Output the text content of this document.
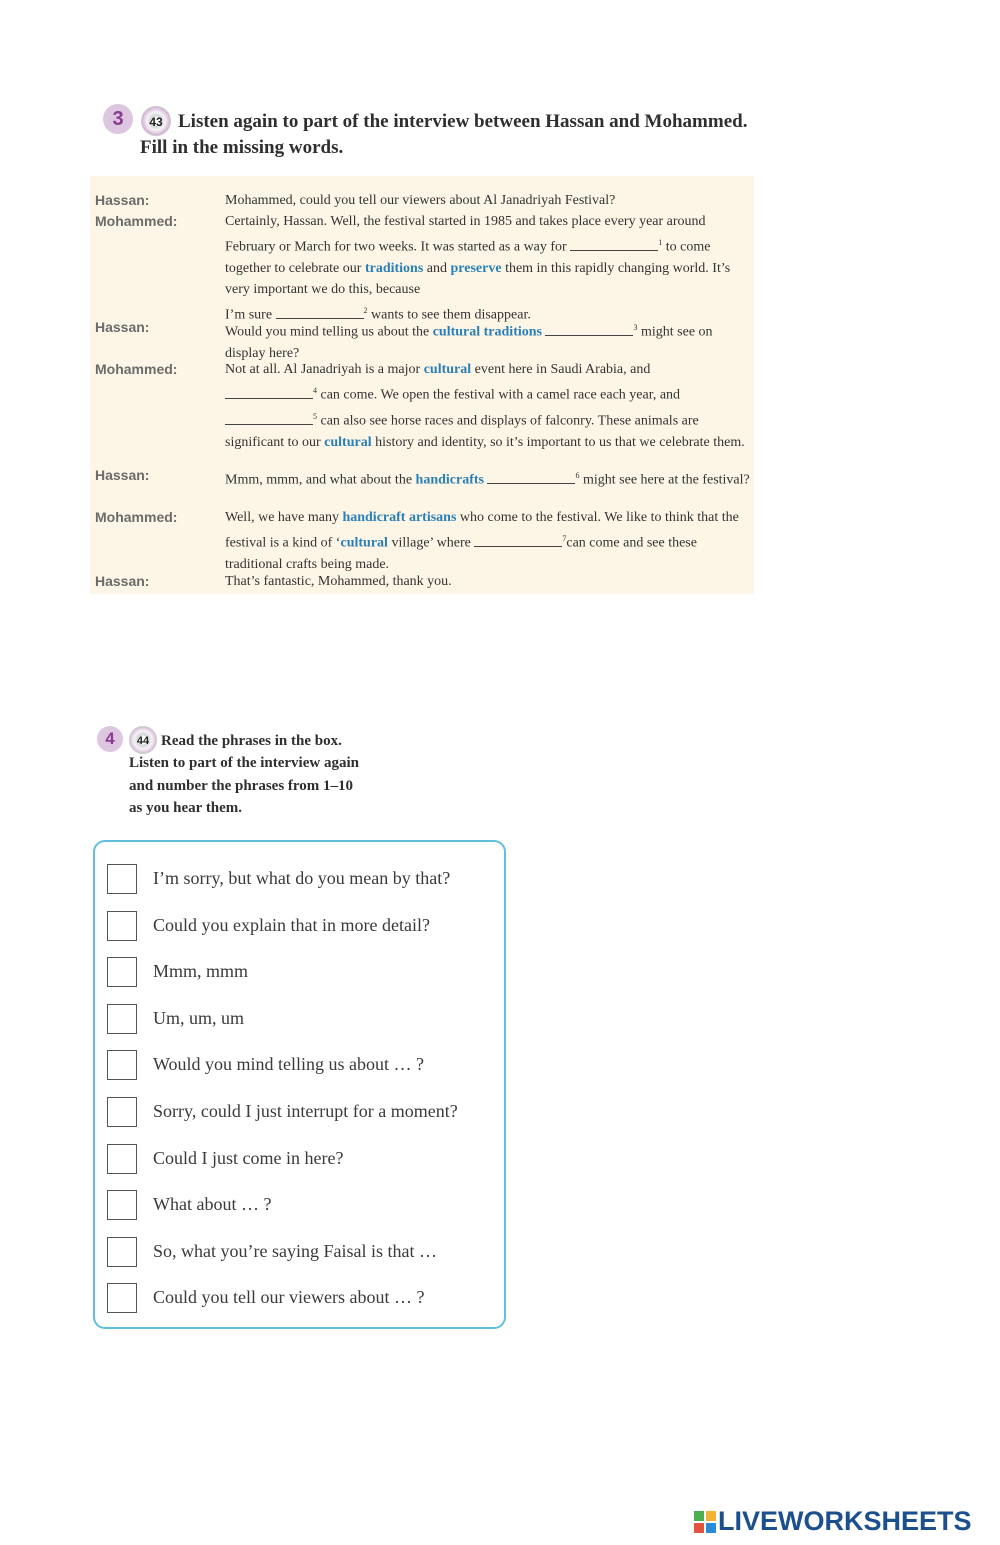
3	43 Listen again to part of the interview between Hassan and Mohammed.
Fill in the missing words.
Hassan:	Mohammed, could you tell our viewers about Al Janadriyah Festival?
Mohammed:	Certainly, Hassan. Well, the festival started in 1985 and takes place every year around February or March for two weeks. It was started as a way for	$^1$ to come together to celebrate our traditions and preserve them in this rapidly changing world. It’s very important we do this, because
I’m sure	$^2$ wants to see them disappear.
Hassan:	Would you mind telling us about the cultural traditions	$^3$ might see on display here?
Mohammed:	Not at all. Al Janadriyah is a major cultural event here in Saudi Arabia, and
$^4$ can come. We open the festival with a camel race each year, and
$^5$ can also see horse races and displays of falconry. These animals are significant to our cultural history and identity, so it’s important to us that we celebrate them.
Hassan:	Mmm, mmm, and what about the handicrafts	$^6$ might see here at the festival?
Mohammed:	Well, we have many handicraft artisans who come to the festival. We like to think that the festival is a kind of ‘cultural village’ where	$^7$can come and see these traditional crafts being made.
Hassan:	That’s fantastic, Mohammed, thank you.
4	44 Read the phrases in the box.
Listen to part of the interview again
and number the phrases from 1–10
as you hear them.
I’m sorry, but what do you mean by that?
Could you explain that in more detail?
Mmm, mmm
Um, um, um
Would you mind telling us about … ?
Sorry, could I just interrupt for a moment?
Could I just come in here?
What about … ?
So, what you’re saying Faisal is that …
Could you tell our viewers about … ?
LIVEWORKSHEETS
